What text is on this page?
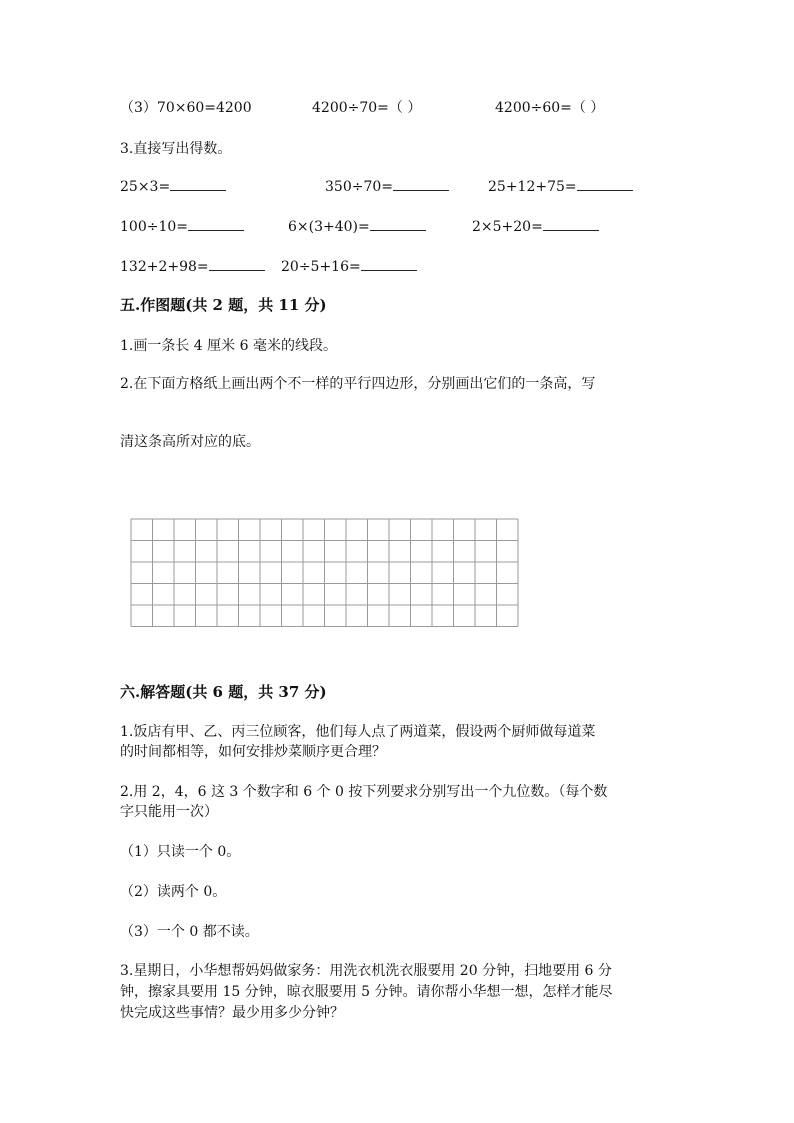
（3）70×60=4200	4200÷70=（ ）	4200÷60=（ ）
3.直接写出得数。
25×3=	350÷70=	25+12+75=
100÷10=	6×(3+40)=	2×5+20=
132+2+98=	20÷5+16=
五.作图题(共 2 题，共 11 分)
1.画一条长 4 厘米 6 毫米的线段。
2.在下面方格纸上画出两个不一样的平行四边形，分别画出它们的一条高，写
清这条高所对应的底。
六.解答题(共 6 题，共 37 分)
1.饭店有甲、乙、丙三位顾客，他们每人点了两道菜，假设两个厨师做每道菜
的时间都相等，如何安排炒菜顺序更合理？
2.用 2，4，6 这 3 个数字和 6 个 0 按下列要求分别写出一个九位数。（每个数
字只能用一次）
（1）只读一个 0。
（2）读两个 0。
（3）一个 0 都不读。
3.星期日，小华想帮妈妈做家务：用洗衣机洗衣服要用 20 分钟，扫地要用 6 分
钟，擦家具要用 15 分钟，晾衣服要用 5 分钟。请你帮小华想一想，怎样才能尽
快完成这些事情？最少用多少分钟？
